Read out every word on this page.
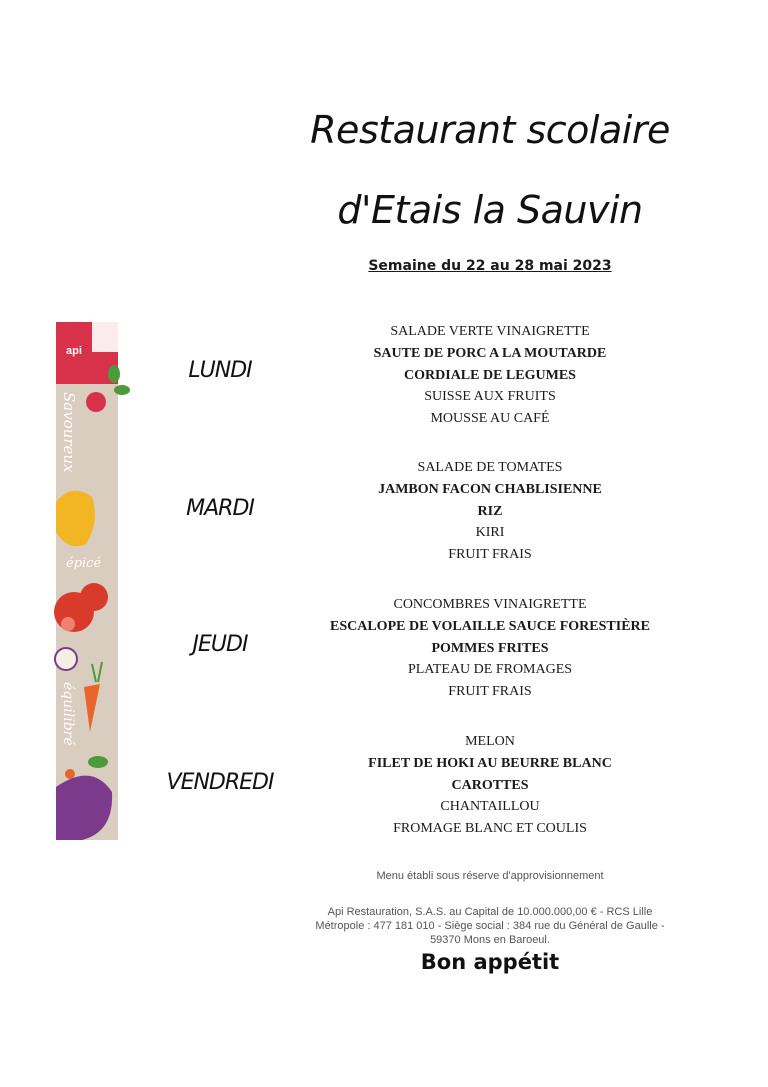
Restaurant scolaire
d'Etais la Sauvin
Semaine du 22 au 28 mai 2023
api
Savoureux
épicé
équilibré
LUNDI
SALADE VERTE VINAIGRETTE
SAUTE DE PORC A LA MOUTARDE
CORDIALE DE LEGUMES
SUISSE AUX FRUITS
MOUSSE AU CAFÉ
MARDI
SALADE DE TOMATES
JAMBON FACON CHABLISIENNE
RIZ
KIRI
FRUIT FRAIS
JEUDI
CONCOMBRES VINAIGRETTE
ESCALOPE DE VOLAILLE SAUCE FORESTIÈRE
POMMES FRITES
PLATEAU DE FROMAGES
FRUIT FRAIS
VENDREDI
MELON
FILET DE HOKI AU BEURRE BLANC
CAROTTES
CHANTAILLOU
FROMAGE BLANC ET COULIS
Menu établi sous réserve d'approvisionnement
Api Restauration, S.A.S. au Capital de 10.000.000,00 € - RCS Lille
Métropole : 477 181 010 - Siège social : 384 rue du Général de Gaulle -
59370 Mons en Baroeul.
Bon appétit
